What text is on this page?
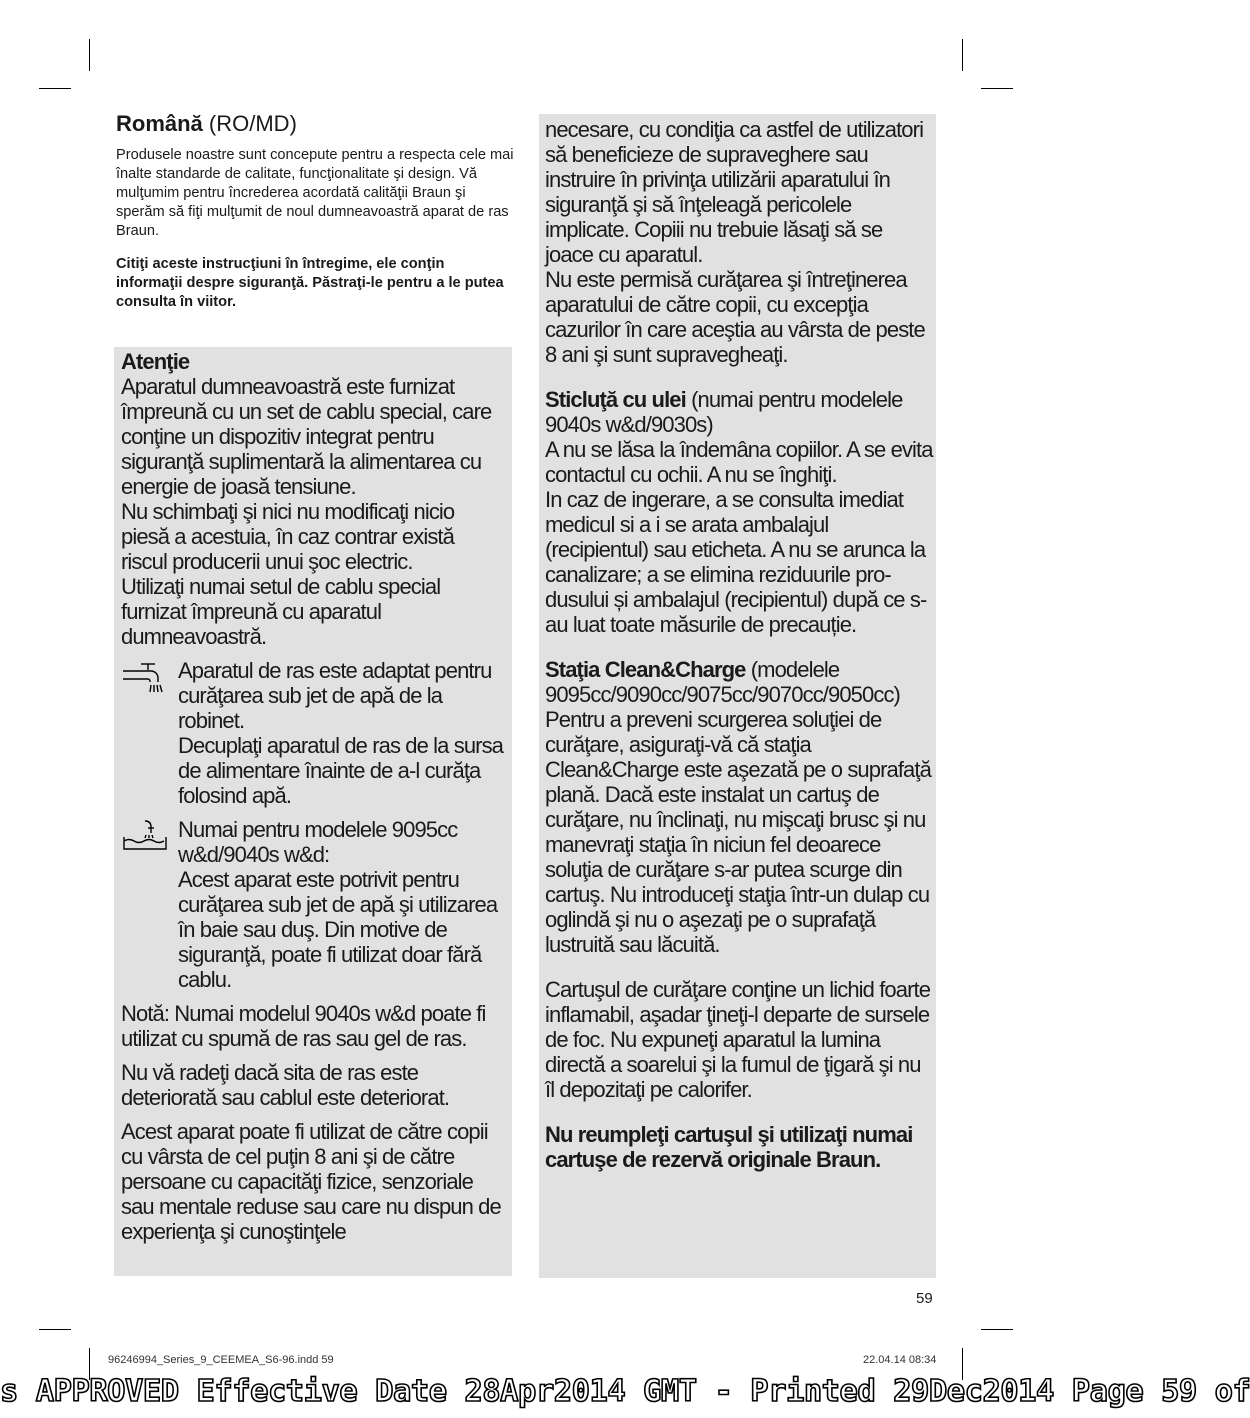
Română (RO/MD)

Produsele noastre sunt concepute pentru a respecta cele mai înalte standarde de calitate, funcţionalitate şi design. Vă mulţumim pentru încrederea acordată calităţii Braun şi sperăm să fiţi mulţumit de noul dumneavoastră aparat de ras Braun.

Citiţi aceste instrucţiuni în întregime, ele conţin informaţii despre siguranţă. Păstraţi-le pentru a le putea consulta în viitor.

Atenţie

Aparatul dumneavoastră este furnizat împreună cu un set de cablu special, care conţine un dispozitiv integrat pentru siguranţă suplimentară la alimentarea cu energie de joasă tensiune.

Nu schimbaţi şi nici nu modificaţi nicio piesă a acestuia, în caz contrar există riscul producerii unui şoc electric.

Utilizaţi numai setul de cablu special furnizat împreună cu aparatul dumneavoastră.

Aparatul de ras este adaptat pentru curăţarea sub jet de apă de la robinet.

Decuplaţi aparatul de ras de la sursa de alimentare înainte de a-l curăţa folosind apă.

Numai pentru modelele 9095cc w&d/9040s w&d:

Acest aparat este potrivit pentru curăţarea sub jet de apă şi utilizarea în baie sau duş. Din motive de siguranţă, poate fi utilizat doar fără cablu.

Notă: Numai modelul 9040s w&d poate fi utilizat cu spumă de ras sau gel de ras.

Nu vă radeţi dacă sita de ras este deteriorată sau cablul este deteriorat.

Acest aparat poate fi utilizat de către copii cu vârsta de cel puţin 8 ani şi de către persoane cu capacităţi fizice, senzoriale sau mentale reduse sau care nu dispun de experienţa şi cunoştinţele

necesare, cu condiţia ca astfel de utilizatori să beneficieze de supraveghere sau instruire în privinţa utilizării aparatului în siguranţă şi să înţeleagă pericolele implicate. Copiii nu trebuie lăsaţi să se joace cu aparatul.

Nu este permisă curăţarea şi întreţinerea aparatului de către copii, cu excepţia cazurilor în care aceştia au vârsta de peste 8 ani şi sunt supravegheaţi.

Sticluţă cu ulei (numai pentru modelele 9040s w&d/9030s)

A nu se lăsa la îndemâna copiilor. A se evita contactul cu ochii. A nu se înghiţi.

In caz de ingerare, a se consulta imediat medicul si a i se arata ambalajul (recipientul) sau eticheta. A nu se arunca la canalizare; a se elimina reziduurile pro-dusului și ambalajul (recipientul) după ce s-au luat toate măsurile de precauție.

Staţia Clean&Charge (modelele 9095cc/9090cc/9075cc/9070cc/9050cc)

Pentru a preveni scurgerea soluţiei de curăţare, asiguraţi-vă că staţia Clean&Charge este aşezată pe o suprafaţă plană. Dacă este instalat un cartuş de curăţare, nu înclinaţi, nu mişcaţi brusc şi nu manevraţi staţia în niciun fel deoarece soluţia de curăţare s-ar putea scurge din cartuş. Nu introduceţi staţia într-un dulap cu oglindă şi nu o aşezaţi pe o suprafaţă lustruită sau lăcuită.

Cartuşul de curăţare conţine un lichid foarte inflamabil, aşadar ţineţi-l departe de sursele de foc. Nu expuneţi aparatul la lumina directă a soarelui şi la fumul de ţigară şi nu îl depozitaţi pe calorifer.

Nu reumpleţi cartuşul şi utilizaţi numai cartuşe de rezervă originale Braun.

59
96246994_Series_9_CEEMEA_S6-96.indd 59	22.04.14 08:34
s APPROVED Effective Date 28Apr2014 GMT - Printed 29Dec2014 Page 59 of
